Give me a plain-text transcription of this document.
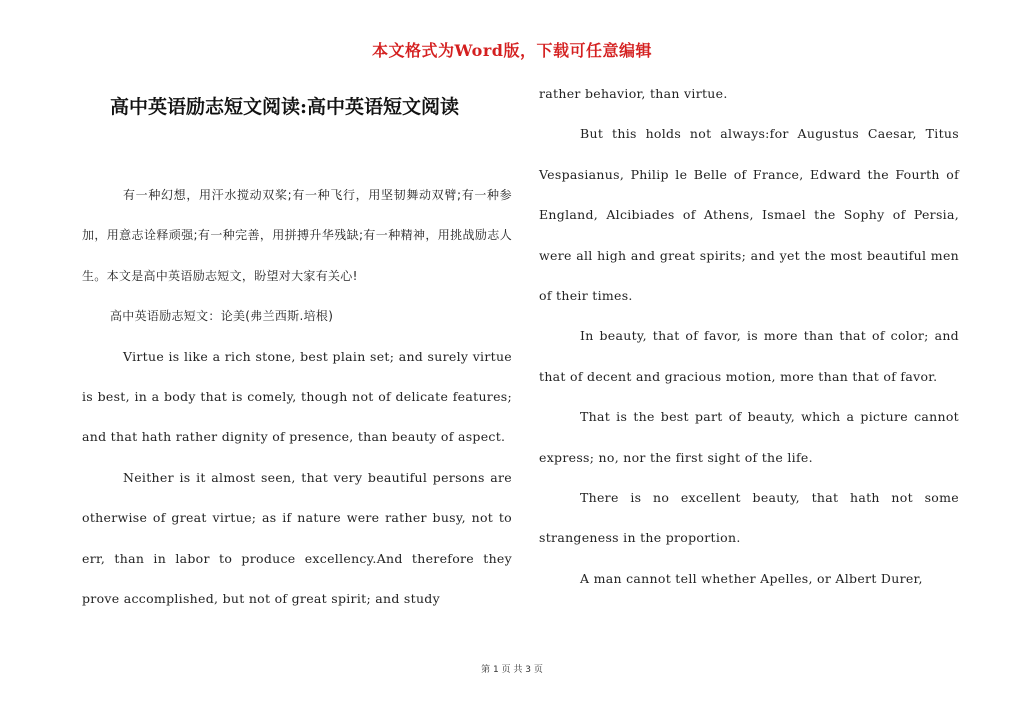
本文格式为Word版，下载可任意编辑
高中英语励志短文阅读:高中英语短文阅读

有一种幻想，用汗水搅动双桨;有一种飞行，用坚韧舞动双臂;有一种参加，用意志诠释顽强;有一种完善，用拼搏升华残缺;有一种精神，用挑战励志人生。本文是高中英语励志短文，盼望对大家有关心!

高中英语励志短文：论美(弗兰西斯.培根)

Virtue is like a rich stone, best plain set; and surely virtue is best, in a body that is comely, though not of delicate features; and that hath rather dignity of presence, than beauty of aspect.

Neither is it almost seen, that very beautiful persons are otherwise of great virtue; as if nature were rather busy, not to err, than in labor to produce excellency.And therefore they prove accomplished, but not of great spirit; and study

rather behavior, than virtue.

But this holds not always:for Augustus Caesar, Titus Vespasianus, Philip le Belle of France, Edward the Fourth of England, Alcibiades of Athens, Ismael the Sophy of Persia, were all high and great spirits; and yet the most beautiful men of their times.

In beauty, that of favor, is more than that of color; and that of decent and gracious motion, more than that of favor.

That is the best part of beauty, which a picture cannot express; no, nor the first sight of the life.

There is no excellent beauty, that hath not some strangeness in the proportion.

A man cannot tell whether Apelles, or Albert Durer,

第 1 页 共 3 页
